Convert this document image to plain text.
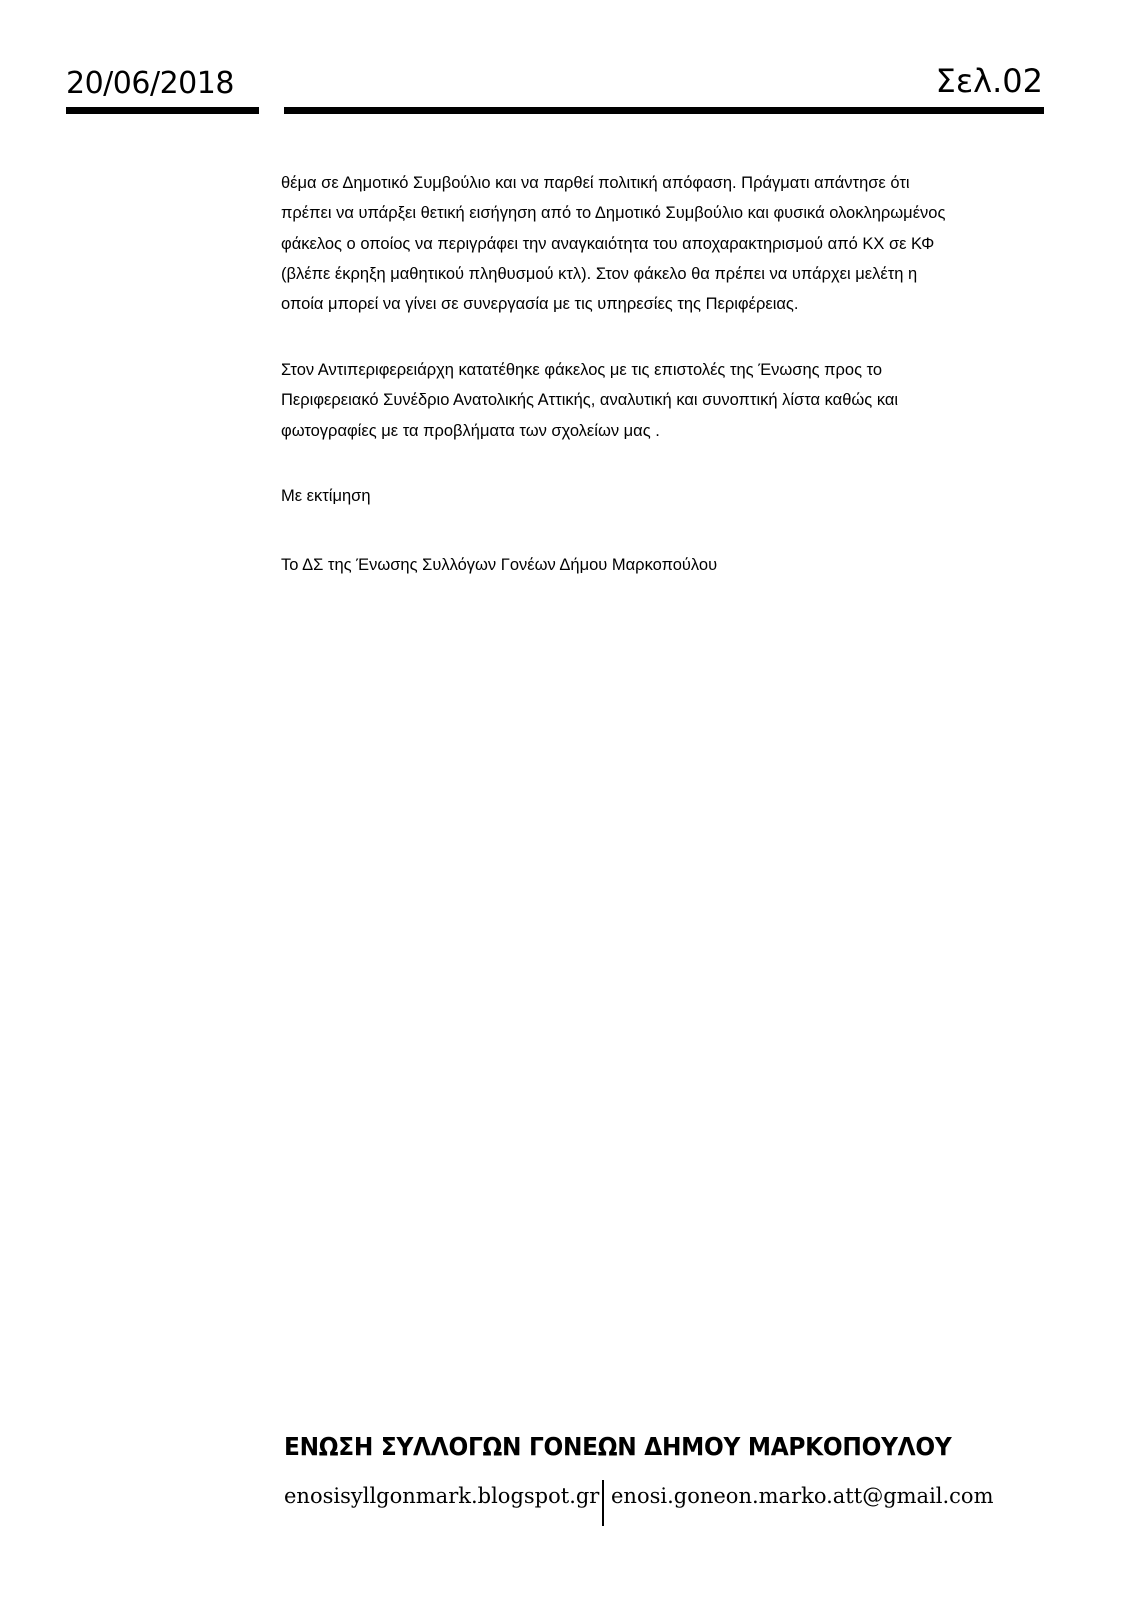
20/06/2018	Σελ.02
θέμα σε Δημοτικό Συμβούλιο και να παρθεί πολιτική απόφαση. Πράγματι απάντησε ότι
πρέπει να υπάρξει θετική εισήγηση από το Δημοτικό Συμβούλιο και φυσικά ολοκληρωμένος
φάκελος ο οποίος να περιγράφει την αναγκαιότητα του αποχαρακτηρισμού από ΚΧ σε ΚΦ
(βλέπε έκρηξη μαθητικού πληθυσμού κτλ). Στον φάκελο θα πρέπει να υπάρχει μελέτη η
οποία μπορεί να γίνει σε συνεργασία με τις υπηρεσίες της Περιφέρειας.
Στον Αντιπεριφερειάρχη κατατέθηκε φάκελος με τις επιστολές της Ένωσης προς το
Περιφερειακό Συνέδριο Ανατολικής Αττικής, αναλυτική και συνοπτική λίστα καθώς και
φωτογραφίες με τα προβλήματα των σχολείων μας .
Με εκτίμηση
Το ΔΣ της Ένωσης Συλλόγων Γονέων Δήμου Μαρκοπούλου
ΕΝΩΣΗ ΣΥΛΛΟΓΩΝ ΓΟΝΕΩΝ ΔΗΜΟΥ ΜΑΡΚΟΠΟΥΛΟΥ
enosisyllgonmark.blogspot.gr enosi.goneon.marko.att@gmail.com
